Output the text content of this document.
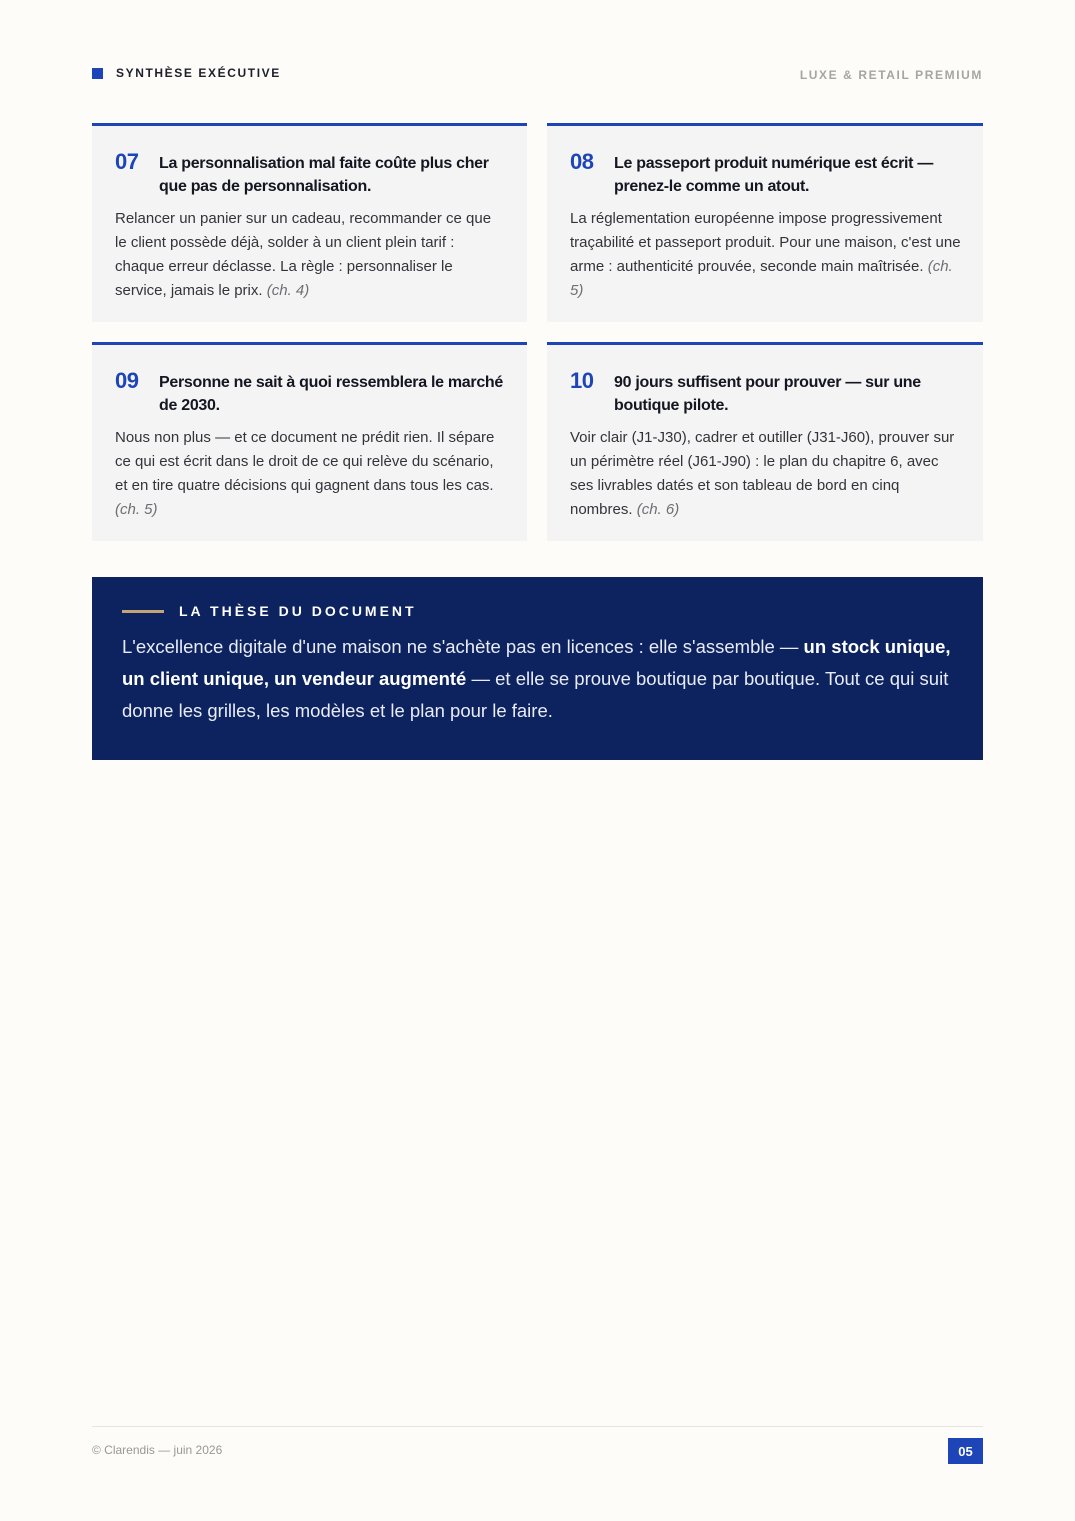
SYNTHÈSE EXÉCUTIVE	LUXE & RETAIL PREMIUM
07	La personnalisation mal faite coûte plus cher que pas de personnalisation.
Relancer un panier sur un cadeau, recommander ce que le client possède déjà, solder à un client plein tarif : chaque erreur déclasse. La règle : personnaliser le service, jamais le prix. (ch. 4)
08	Le passeport produit numérique est écrit — prenez-le comme un atout.
La réglementation européenne impose progressivement traçabilité et passeport produit. Pour une maison, c'est une arme : authenticité prouvée, seconde main maîtrisée. (ch. 5)
09	Personne ne sait à quoi ressemblera le marché de 2030.
Nous non plus — et ce document ne prédit rien. Il sépare ce qui est écrit dans le droit de ce qui relève du scénario, et en tire quatre décisions qui gagnent dans tous les cas. (ch. 5)
10	90 jours suffisent pour prouver — sur une boutique pilote.
Voir clair (J1-J30), cadrer et outiller (J31-J60), prouver sur un périmètre réel (J61-J90) : le plan du chapitre 6, avec ses livrables datés et son tableau de bord en cinq nombres. (ch. 6)
LA THÈSE DU DOCUMENT
L'excellence digitale d'une maison ne s'achète pas en licences : elle s'assemble — un stock unique, un client unique, un vendeur augmenté — et elle se prouve boutique par boutique. Tout ce qui suit donne les grilles, les modèles et le plan pour le faire.
© Clarendis — juin 2026	05
